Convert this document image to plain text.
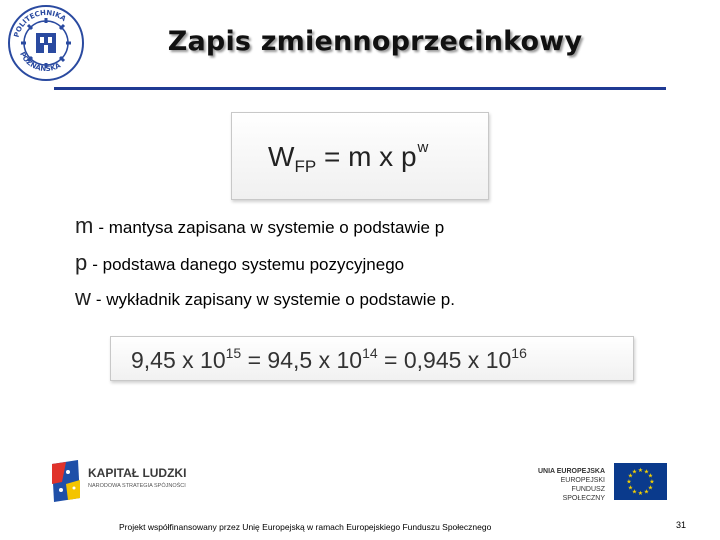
POLITECHNIKA
POZNAŃSKA
Zapis zmiennoprzecinkowy
$W_{FP} = m$ x $p^w$
m - mantysa zapisana w systemie o podstawie p
p - podstawa danego systemu pozycyjnego
w - wykładnik zapisany w systemie o podstawie p.
9,45 x $10^{15} = 94,5$ x $10^{14} = 0,945$ x $10^{16}$
KAPITAŁ LUDZKI
NARODOWA STRATEGIA SPÓJNOŚCI
UNIA EUROPEJSKA
EUROPEJSKI
FUNDUSZ SPOŁECZNY
★ ★
★
★
★
★
★
★
★
★
★
★
Projekt współfinansowany przez Unię Europejską w ramach Europejskiego Funduszu Społecznego	31
